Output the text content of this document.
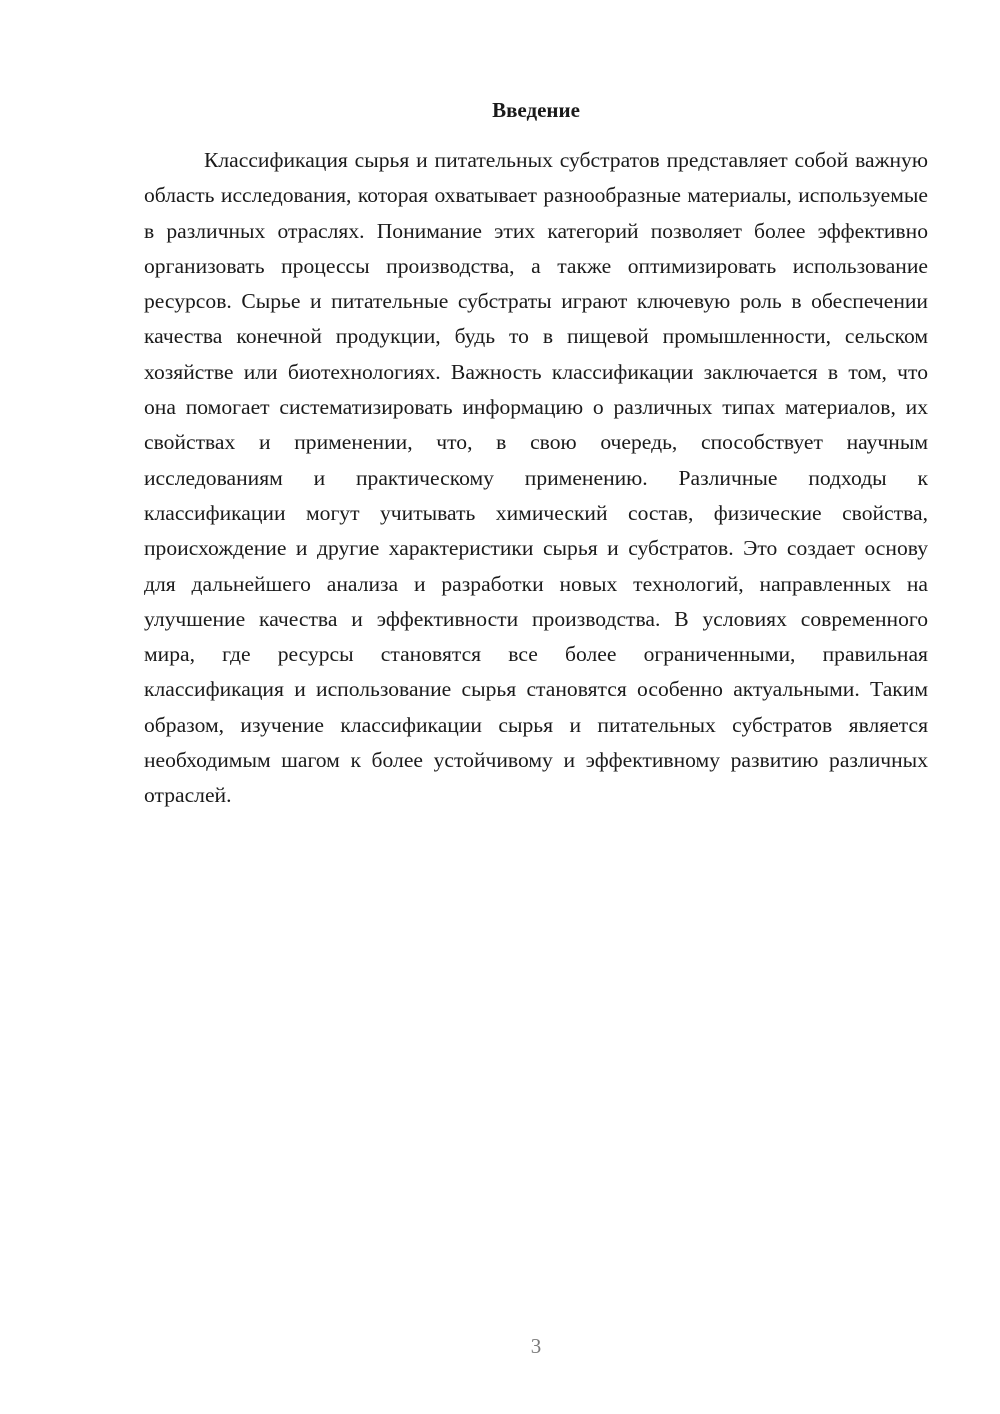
Введение

Классификация сырья и питательных субстратов представляет собой важную область исследования, которая охватывает разнообразные материалы, используемые в различных отраслях. Понимание этих категорий позволяет более эффективно организовать процессы производства, а также оптимизировать использование ресурсов. Сырье и питательные субстраты играют ключевую роль в обеспечении качества конечной продукции, будь то в пищевой промышленности, сельском хозяйстве или биотехнологиях. Важность классификации заключается в том, что она помогает систематизировать информацию о различных типах материалов, их свойствах и применении, что, в свою очередь, способствует научным исследованиям и практическому применению. Различные подходы к классификации могут учитывать химический состав, физические свойства, происхождение и другие характеристики сырья и субстратов. Это создает основу для дальнейшего анализа и разработки новых технологий, направленных на улучшение качества и эффективности производства. В условиях современного мира, где ресурсы становятся все более ограниченными, правильная классификация и использование сырья становятся особенно актуальными. Таким образом, изучение классификации сырья и питательных субстратов является необходимым шагом к более устойчивому и эффективному развитию различных отраслей.

3
